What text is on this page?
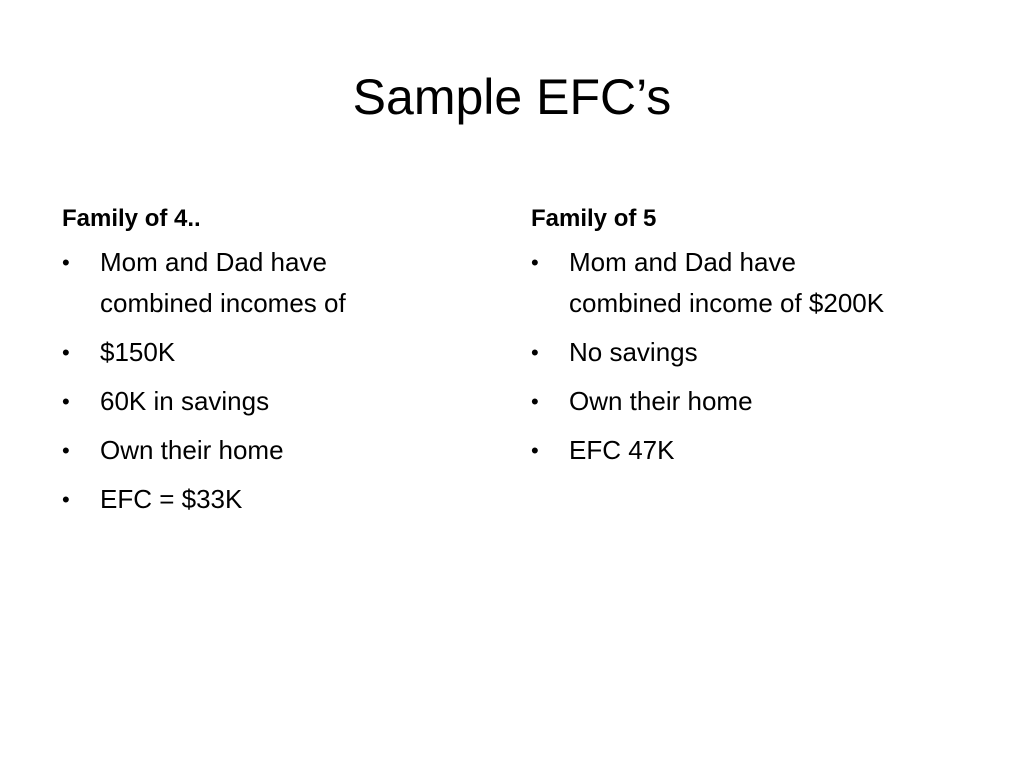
Sample EFC’s
Family of 4..
•	Mom and Dad have
combined incomes of
•	$150K
•	60K in savings
•	Own their home
•	EFC = $33K
Family of 5
•	Mom and Dad have
combined income of $200K
•	No savings
•	Own their home
•	EFC 47K
